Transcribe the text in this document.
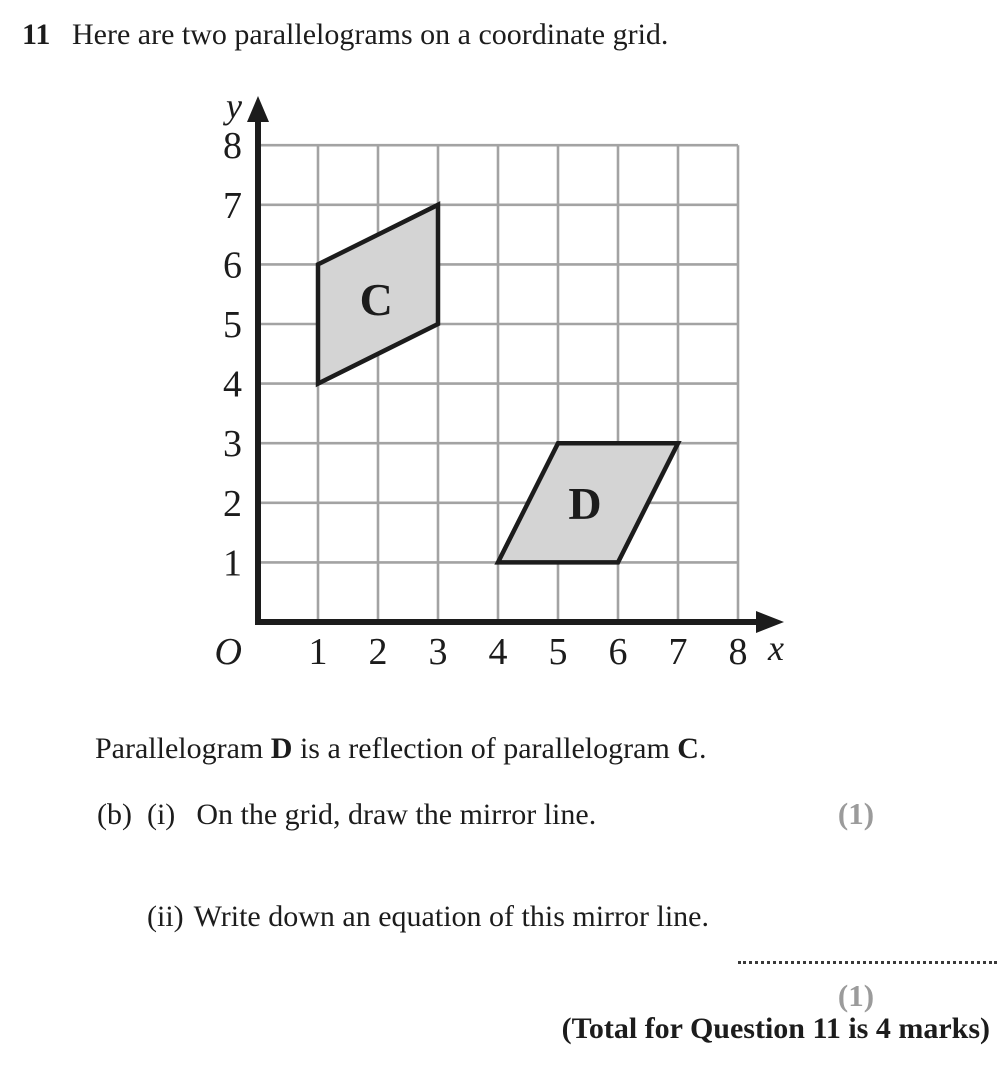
11 Here are two parallelograms on a coordinate grid.
1 2 3 4 5 6 7 8
1
2
3
4
5
6
7
8
O	x
y
C
D

Parallelogram D is a reflection of parallelogram C.

(b) (i) On the grid, draw the mirror line.
	(1)

(ii) Write down an equation of this mirror line.

(1)
(Total for Question 11 is 4 marks)
